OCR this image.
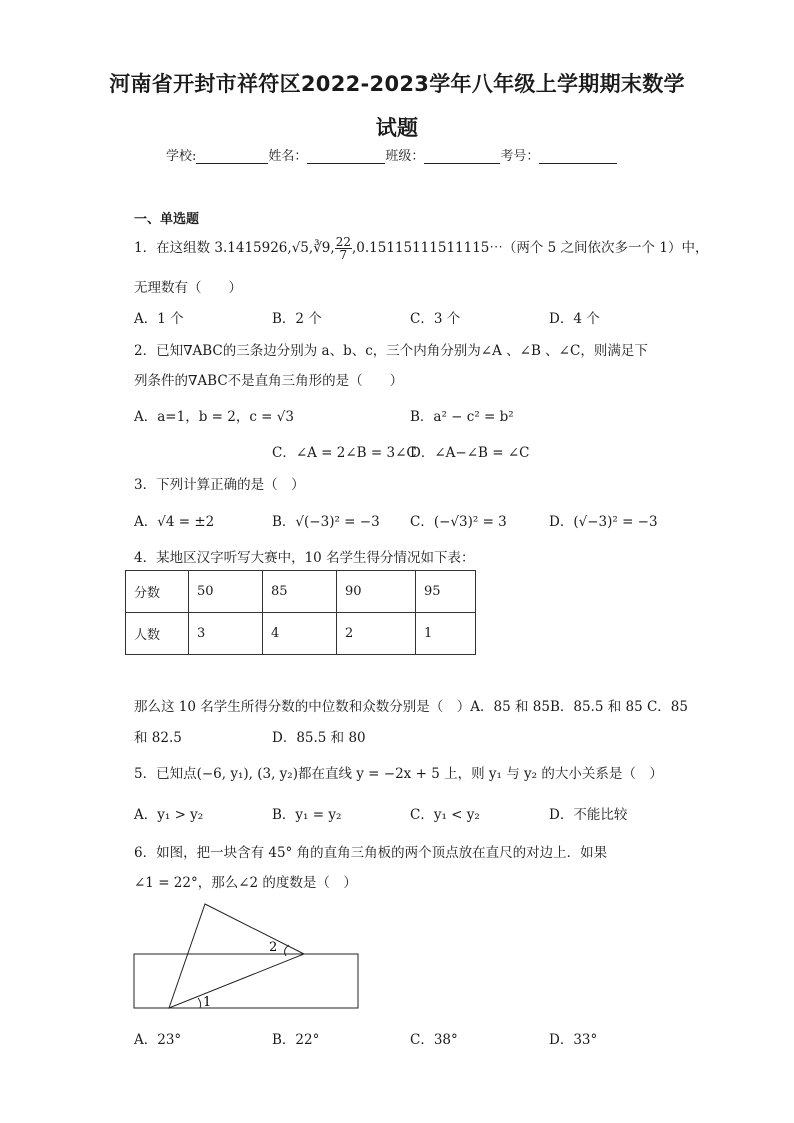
河南省开封市祥符区2022-2023学年八年级上学期期末数学
试题
学校:	姓名：	班级：	考号：
一、单选题
1．在这组数 3.1415926,√5,∛9, $\frac{22}{7}$ ,0.15115111511115⋯（两个 5 之间依次多一个 1）中，
无理数有（　　）
A．1 个	B．2 个	C．3 个	D．4 个
2．已知∇ABC的三条边分别为 a、b、c，三个内角分别为∠A 、∠B 、∠C，则满足下
列条件的∇ABC不是直角三角形的是（　　）
A．a=1，b = 2，c = √3	B．a² − c² = b²
C．∠A = 2∠B = 3∠C
D．∠A−∠B = ∠C
3．下列计算正确的是（　）
A．√4 = ±2	B．√(−3)² = −3 C．(−√3)² = 3	D．(√−3)² = −3
4．某地区汉字听写大赛中，10 名学生得分情况如下表：
分数	50	85	90	95
人数	3	4	2	1
那么这 10 名学生所得分数的中位数和众数分别是（　）A．85 和 85B．85.5 和 85 C．85
和 82.5	D．85.5 和 80
5．已知点(−6, y₁), (3, y₂)都在直线 y = −2x + 5 上，则 y₁ 与 y₂ 的大小关系是（　）
A．y₁ > y₂	B．y₁ = y₂	C．y₁ < y₂	D．不能比较
6．如图，把一块含有 45° 角的直角三角板的两个顶点放在直尺的对边上．如果
∠1 = 22°，那么∠2 的度数是（　）
2
1
A．23°	B．22°	C．38°	D．33°
